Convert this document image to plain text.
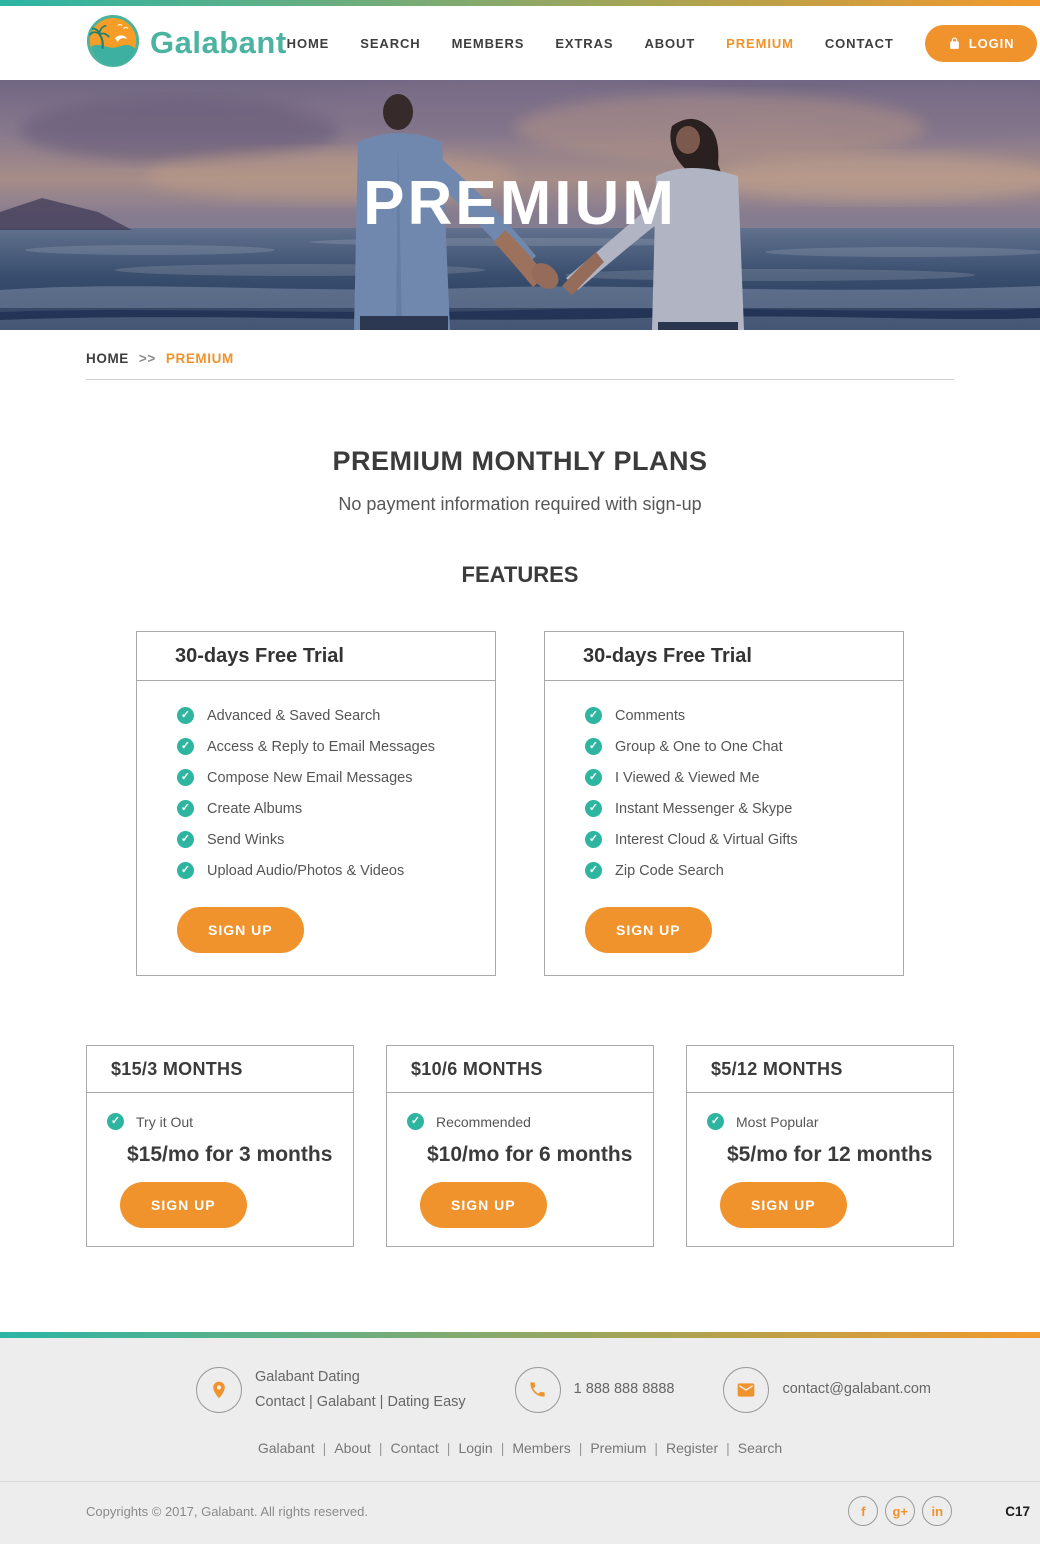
Galabant HOME SEARCH MEMBERS EXTRAS ABOUT PREMIUM CONTACT	LOGIN
PREMIUM
HOME >> PREMIUM
PREMIUM MONTHLY PLANS

No payment information required with sign-up

FEATURES
30-days Free Trial
✓ Advanced & Saved Search
✓ Access & Reply to Email Messages
✓ Compose New Email Messages
✓ Create Albums
✓ Send Winks
✓ Upload Audio/Photos & Videos
SIGN UP
30-days Free Trial
✓ Comments
✓ Group & One to One Chat
✓ I Viewed & Viewed Me
✓ Instant Messenger & Skype
✓ Interest Cloud & Virtual Gifts
✓ Zip Code Search
SIGN UP
$15/3 MONTHS
✓ Try it Out
$15/mo for 3 months
SIGN UP
$10/6 MONTHS
✓ Recommended
$10/mo for 6 months
SIGN UP
$5/12 MONTHS
✓ Most Popular
$5/mo for 12 months
SIGN UP
Galabant Dating
Contact | Galabant | Dating Easy
1 888 888 8888	contact@galabant.com
Galabant | About | Contact | Login | Members | Premium | Register | Search
Copyrights © 2017, Galabant. All rights reserved.	f	g+	in	C17
